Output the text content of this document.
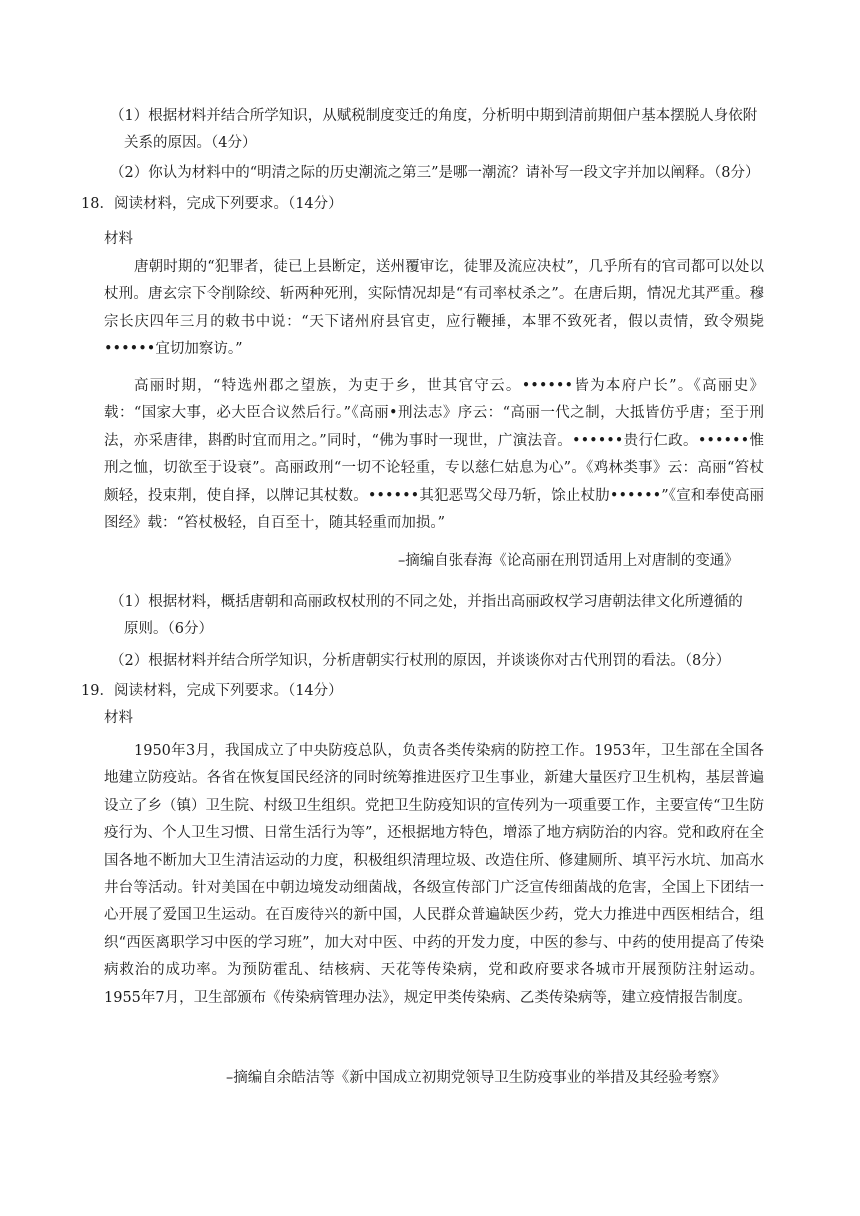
（1）根据材料并结合所学知识，从赋税制度变迁的角度，分析明中期到清前期佃户基本摆脱人身依附
关系的原因。（4分）
（2）你认为材料中的“明清之际的历史潮流之第三”是哪一潮流？请补写一段文字并加以阐释。（8分）
18．阅读材料，完成下列要求。（14分）
材料
唐朝时期的“犯罪者，徒已上县断定，送州覆审讫，徒罪及流应决杖”，几乎所有的官司都可以处以杖刑。唐玄宗下令削除绞、斩两种死刑，实际情况却是“有司率杖杀之”。在唐后期，情况尤其严重。穆宗长庆四年三月的敕书中说：“天下诸州府县官吏，应行鞭捶，本罪不致死者，假以责情，致令殒毙••••••宜切加察访。”
高丽时期，“特选州郡之望族，为吏于乡，世其官守云。••••••皆为本府户长”。《高丽史》载：“国家大事，必大臣合议然后行。”《高丽•刑法志》序云：“高丽一代之制，大抵皆仿乎唐；至于刑法，亦采唐律，斟酌时宜而用之。”同时，“佛为事时一现世，广演法音。••••••贵行仁政。••••••惟刑之恤，切欲至于设衰”。高丽政刑“一切不论轻重，专以慈仁姑息为心”。《鸡林类事》云：高丽“笞杖颇轻，投束荆，使自择，以牌记其杖数。••••••其犯恶骂父母乃斩，馀止杖肋••••••”《宣和奉使高丽图经》载：“笞杖极轻，自百至十，随其轻重而加损。”
–摘编自张春海《论高丽在刑罚适用上对唐制的变通》
（1）根据材料，概括唐朝和高丽政权杖刑的不同之处，并指出高丽政权学习唐朝法律文化所遵循的
原则。（6分）
（2）根据材料并结合所学知识，分析唐朝实行杖刑的原因，并谈谈你对古代刑罚的看法。（8分）
19．阅读材料，完成下列要求。（14分）
材料
1950年3月，我国成立了中央防疫总队，负责各类传染病的防控工作。1953年，卫生部在全国各地建立防疫站。各省在恢复国民经济的同时统筹推进医疗卫生事业，新建大量医疗卫生机构，基层普遍设立了乡（镇）卫生院、村级卫生组织。党把卫生防疫知识的宣传列为一项重要工作，主要宣传“卫生防疫行为、个人卫生习惯、日常生活行为等”，还根据地方特色，增添了地方病防治的内容。党和政府在全国各地不断加大卫生清洁运动的力度，积极组织清理垃圾、改造住所、修建厕所、填平污水坑、加高水井台等活动。针对美国在中朝边境发动细菌战，各级宣传部门广泛宣传细菌战的危害，全国上下团结一心开展了爱国卫生运动。在百废待兴的新中国，人民群众普遍缺医少药，党大力推进中西医相结合，组织“西医离职学习中医的学习班”，加大对中医、中药的开发力度，中医的参与、中药的使用提高了传染病救治的成功率。为预防霍乱、结核病、天花等传染病，党和政府要求各城市开展预防注射运动。1955年7月，卫生部颁布《传染病管理办法》，规定甲类传染病、乙类传染病等，建立疫情报告制度。
–摘编自余皓洁等《新中国成立初期党领导卫生防疫事业的举措及其经验考察》
